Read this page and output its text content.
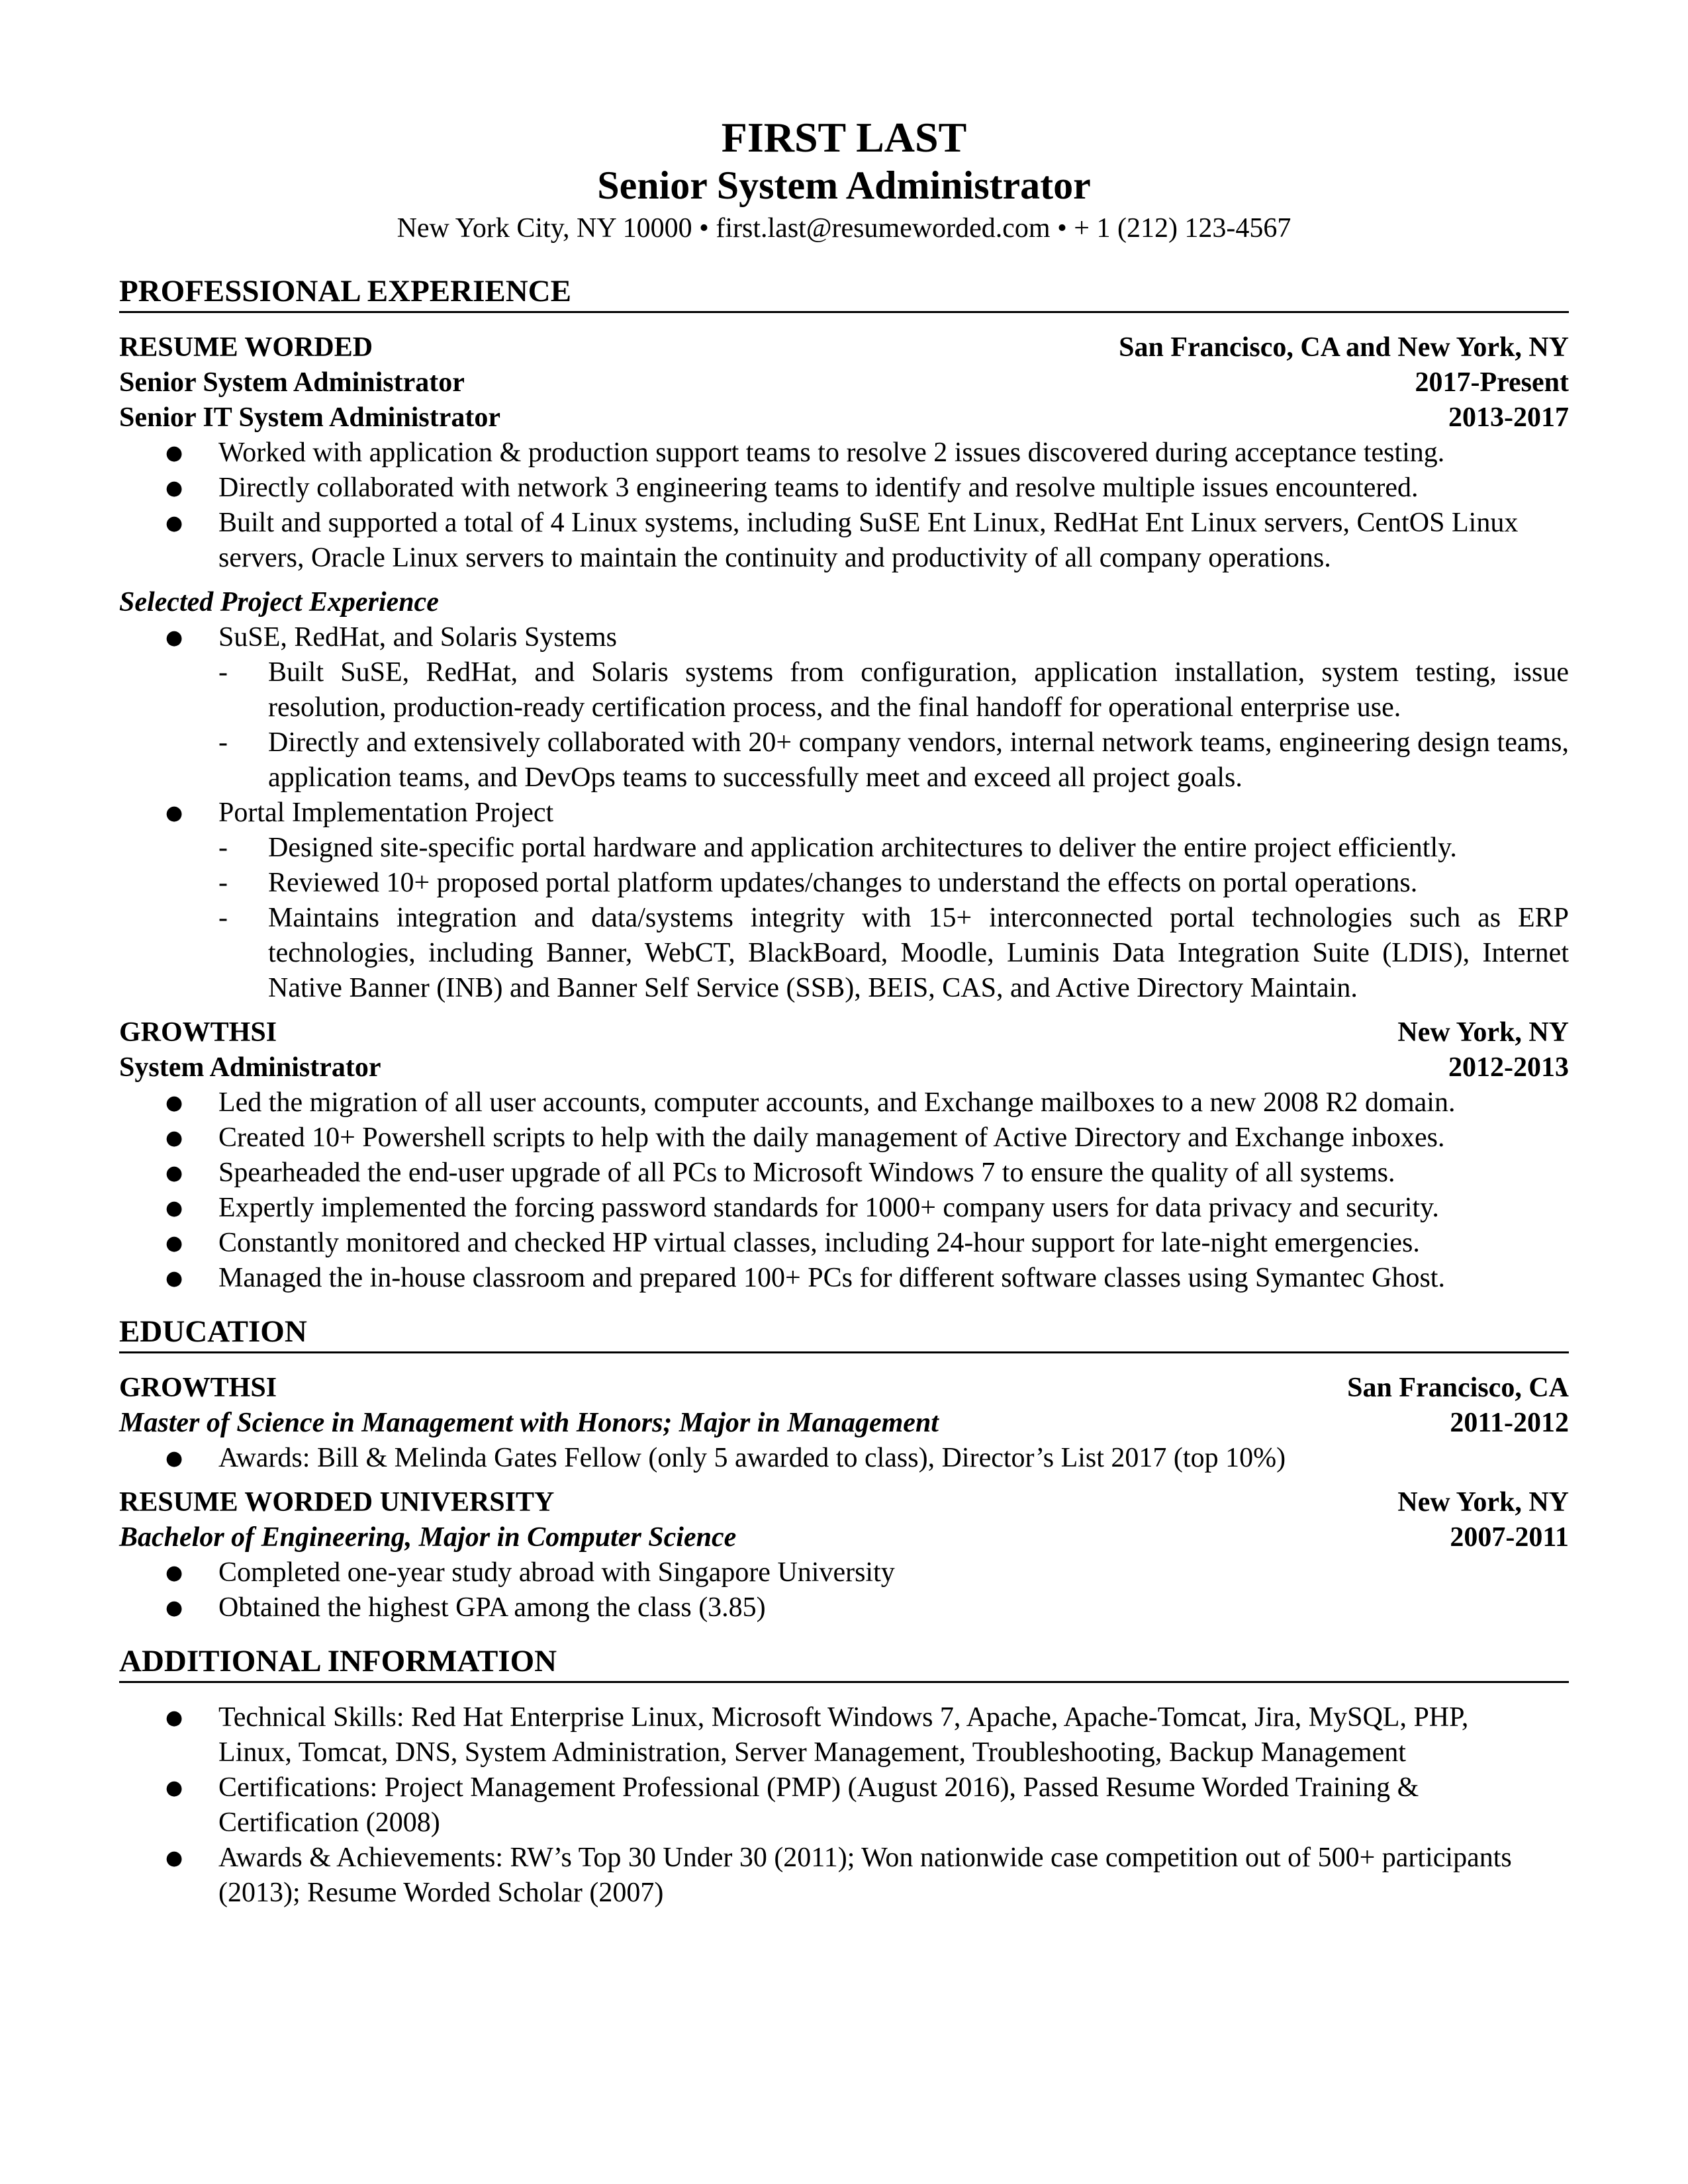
FIRST LAST
Senior System Administrator
New York City, NY 10000 • first.last@resumeworded.com • + 1 (212) 123-4567
PROFESSIONAL EXPERIENCE
RESUME WORDED	San Francisco, CA and New York, NY
Senior System Administrator	2017-Present
Senior IT System Administrator	2013-2017
● Worked with application & production support teams to resolve 2 issues discovered during acceptance testing.
● Directly collaborated with network 3 engineering teams to identify and resolve multiple issues encountered.
● Built and supported a total of 4 Linux systems, including SuSE Ent Linux, RedHat Ent Linux servers, CentOS Linux servers, Oracle Linux servers to maintain the continuity and productivity of all company operations.
Selected Project Experience
● SuSE, RedHat, and Solaris Systems
- Built SuSE, RedHat, and Solaris systems from configuration, application installation, system testing, issue resolution, production-ready certification process, and the final handoff for operational enterprise use.
- Directly and extensively collaborated with 20+ company vendors, internal network teams, engineering design teams, application teams, and DevOps teams to successfully meet and exceed all project goals.
● Portal Implementation Project
- Designed site-specific portal hardware and application architectures to deliver the entire project efficiently.
- Reviewed 10+ proposed portal platform updates/changes to understand the effects on portal operations.
- Maintains integration and data/systems integrity with 15+ interconnected portal technologies such as ERP technologies, including Banner, WebCT, BlackBoard, Moodle, Luminis Data Integration Suite (LDIS), Internet Native Banner (INB) and Banner Self Service (SSB), BEIS, CAS, and Active Directory Maintain.
GROWTHSI	New York, NY
System Administrator	2012-2013
● Led the migration of all user accounts, computer accounts, and Exchange mailboxes to a new 2008 R2 domain.
● Created 10+ Powershell scripts to help with the daily management of Active Directory and Exchange inboxes.
● Spearheaded the end-user upgrade of all PCs to Microsoft Windows 7 to ensure the quality of all systems.
● Expertly implemented the forcing password standards for 1000+ company users for data privacy and security.
● Constantly monitored and checked HP virtual classes, including 24-hour support for late-night emergencies.
● Managed the in-house classroom and prepared 100+ PCs for different software classes using Symantec Ghost.
EDUCATION
GROWTHSI	San Francisco, CA
Master of Science in Management with Honors; Major in Management	2011-2012
● Awards: Bill & Melinda Gates Fellow (only 5 awarded to class), Director’s List 2017 (top 10%)
RESUME WORDED UNIVERSITY	New York, NY
Bachelor of Engineering, Major in Computer Science	2007-2011
● Completed one-year study abroad with Singapore University
● Obtained the highest GPA among the class (3.85)
ADDITIONAL INFORMATION
● Technical Skills: Red Hat Enterprise Linux, Microsoft Windows 7, Apache, Apache-Tomcat, Jira, MySQL, PHP, Linux, Tomcat, DNS, System Administration, Server Management, Troubleshooting, Backup Management
● Certifications: Project Management Professional (PMP) (August 2016), Passed Resume Worded Training & Certification (2008)
● Awards & Achievements: RW’s Top 30 Under 30 (2011); Won nationwide case competition out of 500+ participants (2013); Resume Worded Scholar (2007)
